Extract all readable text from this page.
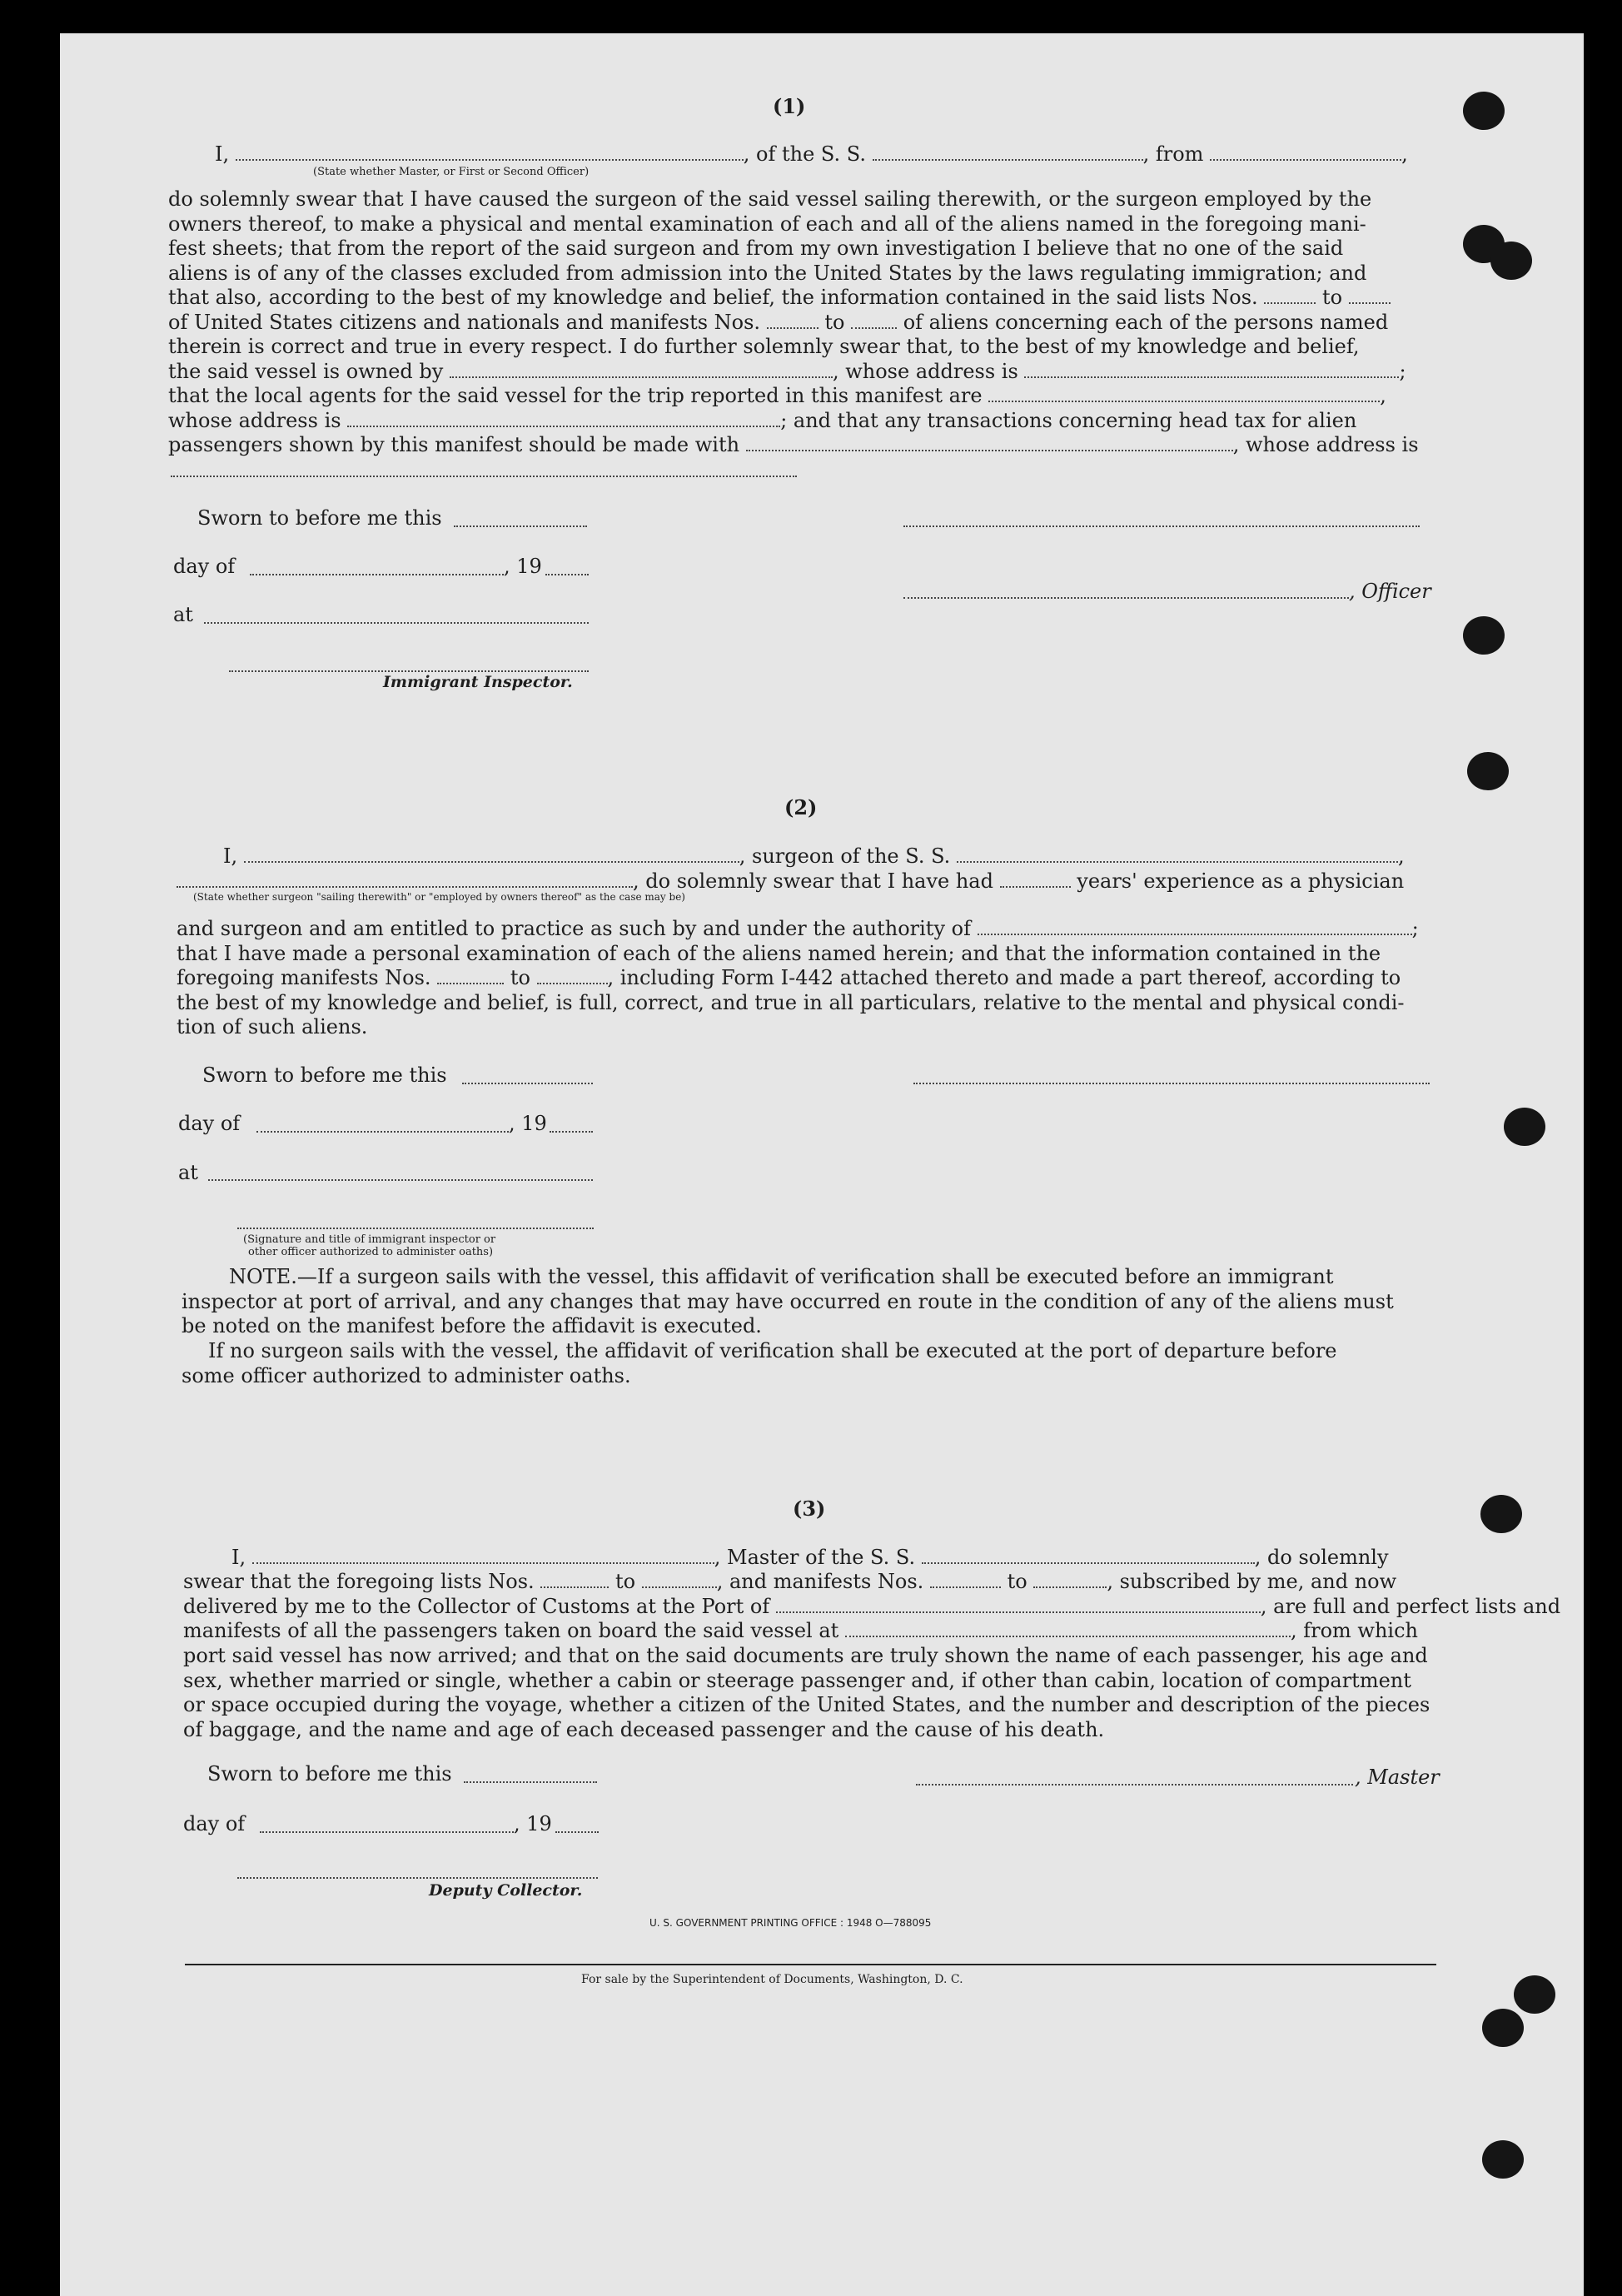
(1)
I,	, of the S. S.	, from	,
(State whether Master, or First or Second Officer)
do solemnly swear that I have caused the surgeon of the said vessel sailing therewith, or the surgeon employed by the
owners thereof, to make a physical and mental examination of each and all of the aliens named in the foregoing mani-
fest sheets; that from the report of the said surgeon and from my own investigation I believe that no one of the said
aliens is of any of the classes excluded from admission into the United States by the laws regulating immigration; and
that also, according to the best of my knowledge and belief, the information contained in the said lists Nos.	to
of United States citizens and nationals and manifests Nos.	to	of aliens concerning each of the persons named
therein is correct and true in every respect. I do further solemnly swear that, to the best of my knowledge and belief,
the said vessel is owned by	, whose address is	;
that the local agents for the said vessel for the trip reported in this manifest are	,
whose address is	; and that any transactions concerning head tax for alien
passengers shown by this manifest should be made with	, whose address is
Sworn to before me this
day of	, 19
, Officer
at
Immigrant Inspector.
(2)
I,	, surgeon of the S. S.	,
, do solemnly swear that I have had	years' experience as a physician
(State whether surgeon "sailing therewith" or "employed by owners thereof" as the case may be)
and surgeon and am entitled to practice as such by and under the authority of	;
that I have made a personal examination of each of the aliens named herein; and that the information contained in the
foregoing manifests Nos.	to	, including Form I-442 attached thereto and made a part thereof, according to
the best of my knowledge and belief, is full, correct, and true in all particulars, relative to the mental and physical condi-
tion of such aliens.
Sworn to before me this
day of	, 19
at
(Signature and title of immigrant inspector or
other officer authorized to administer oaths)
NOTE.—If a surgeon sails with the vessel, this affidavit of verification shall be executed before an immigrant
inspector at port of arrival, and any changes that may have occurred en route in the condition of any of the aliens must
be noted on the manifest before the affidavit is executed.
If no surgeon sails with the vessel, the affidavit of verification shall be executed at the port of departure before
some officer authorized to administer oaths.
(3)
I,	, Master of the S. S.	, do solemnly
swear that the foregoing lists Nos.	to	, and manifests Nos.	to	, subscribed by me, and now
delivered by me to the Collector of Customs at the Port of	, are full and perfect lists and
manifests of all the passengers taken on board the said vessel at	, from which
port said vessel has now arrived; and that on the said documents are truly shown the name of each passenger, his age and
sex, whether married or single, whether a cabin or steerage passenger and, if other than cabin, location of compartment
or space occupied during the voyage, whether a citizen of the United States, and the number and description of the pieces
of baggage, and the name and age of each deceased passenger and the cause of his death.
Sworn to before me this	, Master
day of	, 19
Deputy Collector.
U. S. GOVERNMENT PRINTING OFFICE : 1948 O—788095
For sale by the Superintendent of Documents, Washington, D. C.
